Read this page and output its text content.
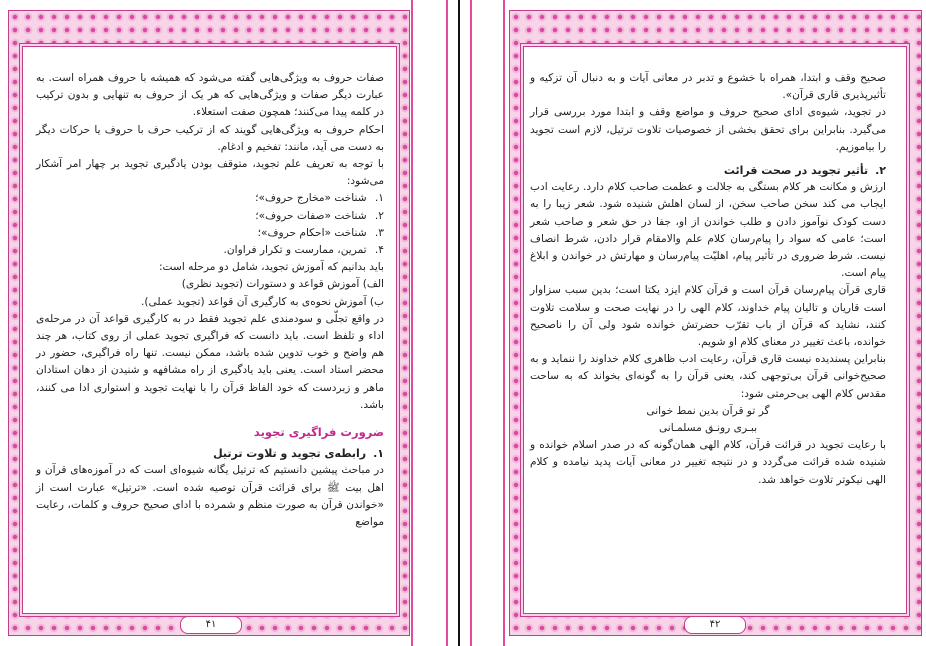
صفات حروف به ویژگی‌هایی گفته می‌شود که همیشه با حروف همراه است. به عبارت دیگر صفات و ویژگی‌هایی که هر یک از حروف به تنهایی و بدون ترکیب در کلمه پیدا می‌کنند؛ همچون صفت استعلاء.

احکام حروف به ویژگی‌هایی گویند که از ترکیب حرف با حروف یا حرکات دیگر به دست می آید، مانند: تفخیم و ادغام.

با توجه به تعریف علم تجوید، متوقف بودن یادگیری تجوید بر چهار امر آشکار می‌شود:

۱. شناخت «مخارج حروف»؛

۲. شناخت «صفات حروف»؛

۳. شناخت «احکام حروف»؛

۴. تمرین، ممارست و تکرار فراوان.

باید بدانیم که آموزش تجوید، شامل دو مرحله است:

الف) آموزش قواعد و دستورات (تجوید نظری)

ب) آموزش نحوه‌ی به کارگیری آن قواعد (تجوید عملی).

در واقع تجلّی و سودمندی علم تجوید فقط در به کارگیری قواعد آن در مرحله‌ی اداء و تلفظ است. باید دانست که فراگیری تجوید عملی از روی کتاب، هر چند هم واضح و خوب تدوین شده باشد، ممکن نیست. تنها راه فراگیری، حضور در محضر استاد است. یعنی باید یادگیری از راه مشافهه و شنیدن از دهان استادان ماهر و زبردست که خود الفاظ قرآن را با نهایت تجوید و استواری ادا می کنند، باشد.

ضرورت فراگیری تجوید

۱. رابطه‌ی تجوید و تلاوت ترتیل

در مباحث پیشین دانستیم که ترتیل یگانه شیوه‌ای است که در آموزه‌های قرآن و اهل بیت ﷺ برای قرائت قرآن توصیه شده است. «ترتیل» عبارت است از «خواندن قرآن به صورت منظم و شمرده با ادای صحیح حروف و کلمات، رعایت مواضع

۴۱

صحیح وقف و ابتدا، همراه با خشوع و تدبر در معانی آیات و به دنبال آن تزکیه و تأثیرپذیری قاری قرآن».

در تجوید، شیوه‌ی ادای صحیح حروف و مواضع وقف و ابتدا مورد بررسی قرار می‌گیرد. بنابراین برای تحقق بخشی از خصوصیات تلاوت ترتیل، لازم است تجوید را بیاموزیم.

۲. تأثیر تجوید در صحت قرائت

ارزش و مکانت هر کلام بستگی به جلالت و عظمت صاحب کلام دارد. رعایت ادب ایجاب می کند سخن صاحب سخن، از لسان اهلش شنیده شود. شعر زیبا را به دست کودک نوآموز دادن و طلب خواندن از او، جفا در حق شعر و صاحب شعر است؛ عامی که سواد را پیام‌رسان کلام علم والامقام قرار دادن، شرط انصاف نیست. شرط ضروری در تأثیر پیام، اهلیّت پیام‌رسان و مهارتش در خواندن و ابلاغ پیام است.

قاری قرآن پیام‌رسان قرآن است و قرآن کلام ایزد یکتا است؛ بدین سبب سزاوار است قاریان و تالیان پیام خداوند، کلام الهی را در نهایت صحت و سلامت تلاوت کنند، نشاید که قرآن از باب تقرّب حضرتش خوانده شود ولی آن را ناصحیح خوانده، باعث تغییر در معنای کلام او شویم.

بنابراین پسندیده نیست قاری قرآن، رعایت ادب ظاهری کلام خداوند را ننماید و به صحیح‌خوانی قرآن بی‌توجهی کند، یعنی قرآن را به گونه‌ای بخواند که به ساحت مقدس کلام الهی بی‌حرمتی شود:

گر تو قرآن بدین نمط خوانی

ببـری رونـق مسلمـانی

با رعایت تجوید در قرائت قرآن، کلام الهی همان‌گونه که در صدر اسلام خوانده و شنیده شده قرائت می‌گردد و در نتیجه تغییر در معانی آیات پدید نیامده و کلام الهی نیکوتر تلاوت خواهد شد.

۴۲
